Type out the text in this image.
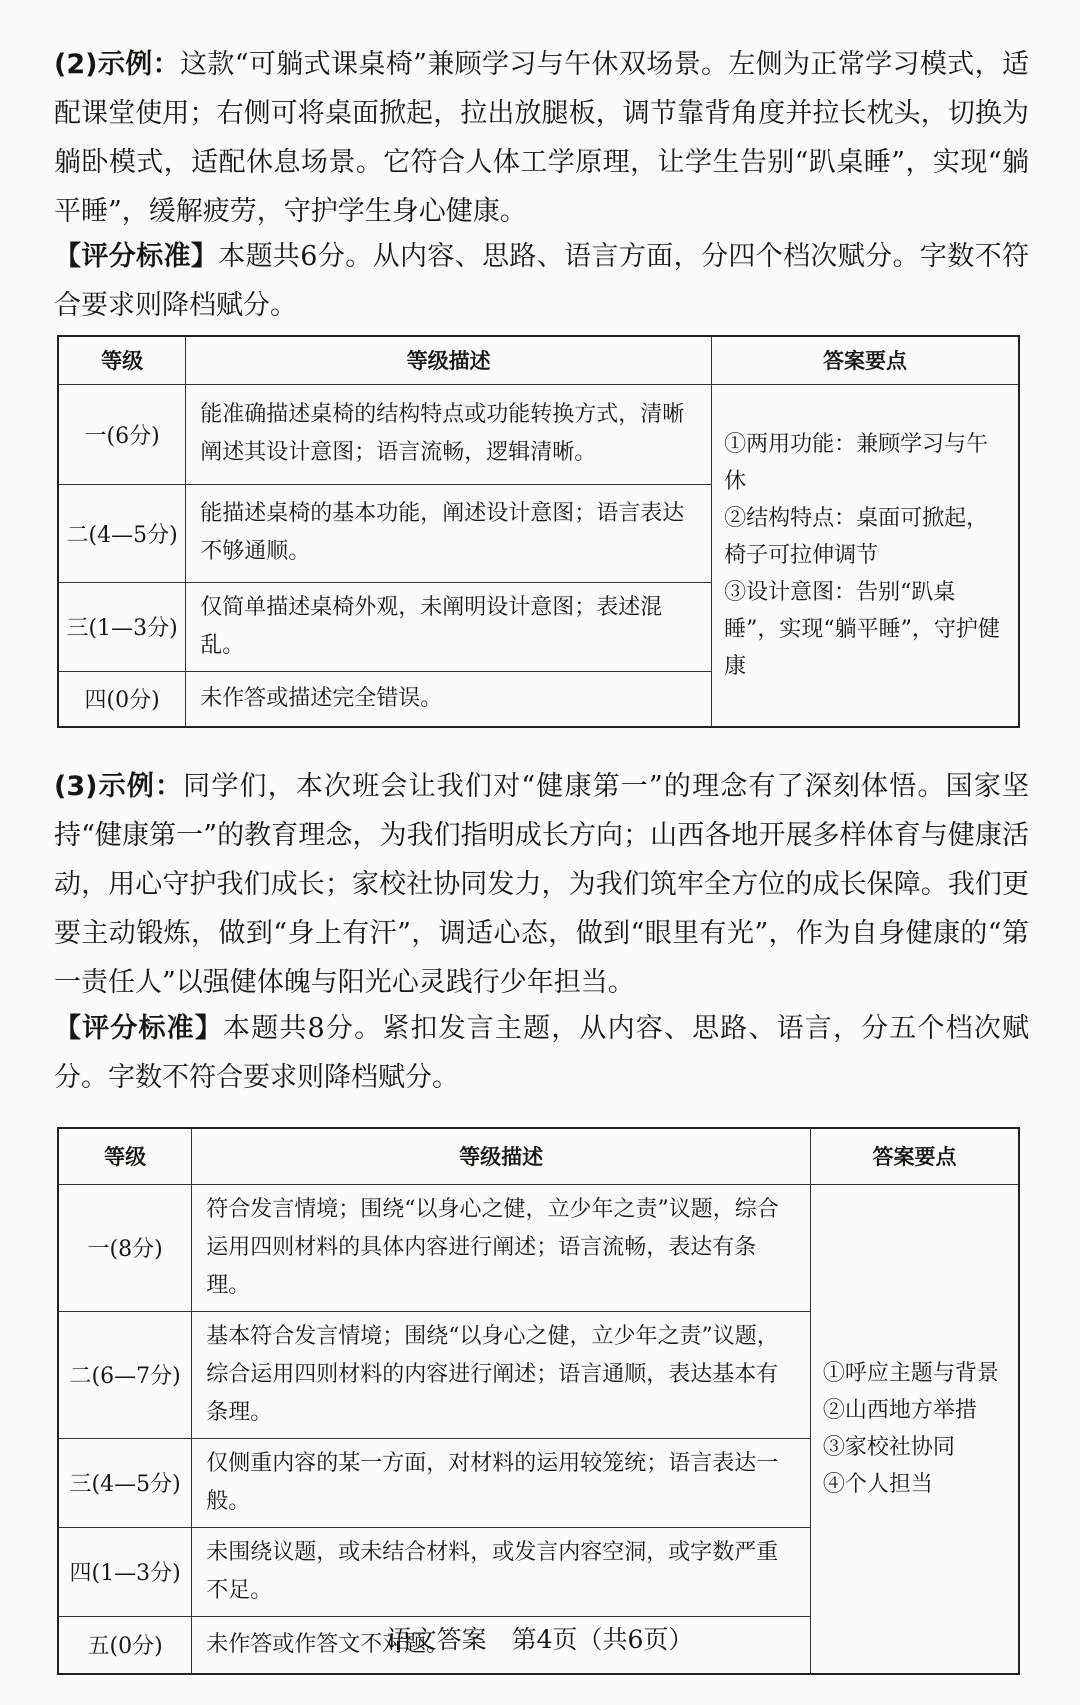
(2)示例：这款“可躺式课桌椅”兼顾学习与午休双场景。左侧为正常学习模式，适配课堂使用；右侧可将桌面掀起，拉出放腿板，调节靠背角度并拉长枕头，切换为躺卧模式，适配休息场景。它符合人体工学原理，让学生告别“趴桌睡”，实现“躺平睡”，缓解疲劳，守护学生身心健康。

【评分标准】本题共6分。从内容、思路、语言方面，分四个档次赋分。字数不符合要求则降档赋分。

等级	等级描述	答案要点
一(6分)	能准确描述桌椅的结构特点或功能转换方式，清晰阐述其设计意图；语言流畅，逻辑清晰。	①两用功能：兼顾学习与午休
②结构特点：桌面可掀起，椅子可拉伸调节
③设计意图：告别“趴桌睡”，实现“躺平睡”，守护健康

二(4—5分)	能描述桌椅的基本功能，阐述设计意图；语言表达不够通顺。	
三(1—3分)	仅简单描述桌椅外观，未阐明设计意图；表述混乱。	
四(0分)	未作答或描述完全错误。	

(3)示例：同学们，本次班会让我们对“健康第一”的理念有了深刻体悟。国家坚持“健康第一”的教育理念，为我们指明成长方向；山西各地开展多样体育与健康活动，用心守护我们成长；家校社协同发力，为我们筑牢全方位的成长保障。我们更要主动锻炼，做到“身上有汗”，调适心态，做到“眼里有光”，作为自身健康的“第一责任人”以强健体魄与阳光心灵践行少年担当。

【评分标准】本题共8分。紧扣发言主题，从内容、思路、语言，分五个档次赋分。字数不符合要求则降档赋分。

等级	等级描述	答案要点
一(8分)	符合发言情境；围绕“以身心之健，立少年之责”议题，综合运用四则材料的具体内容进行阐述；语言流畅，表达有条理。	①呼应主题与背景
②山西地方举措
③家校社协同
④个人担当

二(6—7分)	基本符合发言情境；围绕“以身心之健，立少年之责”议题，综合运用四则材料的内容进行阐述；语言通顺，表达基本有条理。	
三(4—5分)	仅侧重内容的某一方面，对材料的运用较笼统；语言表达一般。	
四(1—3分)	未围绕议题，或未结合材料，或发言内容空洞，或字数严重不足。	
五(0分)	未作答或作答文不对题。	
语文答案　第4页（共6页）
